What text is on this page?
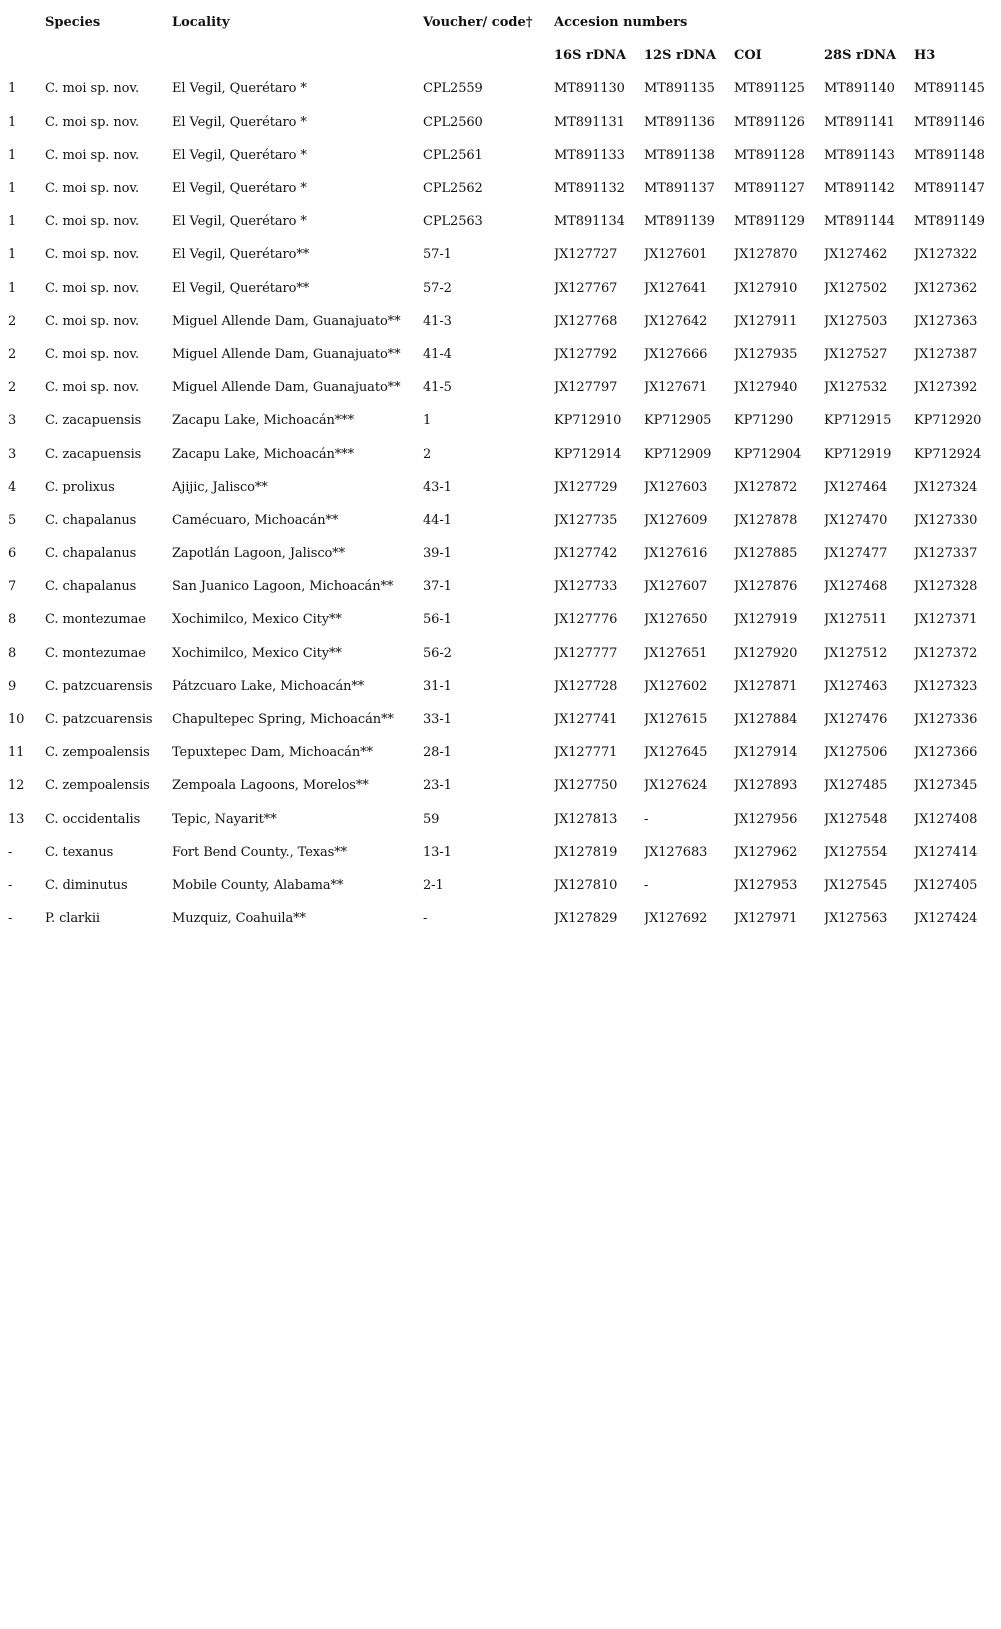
	Species	Locality	Voucher/ code†	Accesion numbers				
				16S rDNA	12S rDNA	COI	28S rDNA	H3
1	C. moi sp. nov.	El Vegil, Querétaro *	CPL2559	MT891130	MT891135	MT891125	MT891140	MT891145
1	C. moi sp. nov.	El Vegil, Querétaro *	CPL2560	MT891131	MT891136	MT891126	MT891141	MT891146
1	C. moi sp. nov.	El Vegil, Querétaro *	CPL2561	MT891133	MT891138	MT891128	MT891143	MT891148
1	C. moi sp. nov.	El Vegil, Querétaro *	CPL2562	MT891132	MT891137	MT891127	MT891142	MT891147
1	C. moi sp. nov.	El Vegil, Querétaro *	CPL2563	MT891134	MT891139	MT891129	MT891144	MT891149
1	C. moi sp. nov.	El Vegil, Querétaro**	57-1	JX127727	JX127601	JX127870	JX127462	JX127322
1	C. moi sp. nov.	El Vegil, Querétaro**	57-2	JX127767	JX127641	JX127910	JX127502	JX127362
2	C. moi sp. nov.	Miguel Allende Dam, Guanajuato**	41-3	JX127768	JX127642	JX127911	JX127503	JX127363
2	C. moi sp. nov.	Miguel Allende Dam, Guanajuato**	41-4	JX127792	JX127666	JX127935	JX127527	JX127387
2	C. moi sp. nov.	Miguel Allende Dam, Guanajuato**	41-5	JX127797	JX127671	JX127940	JX127532	JX127392
3	C. zacapuensis	Zacapu Lake, Michoacán***	1	KP712910	KP712905	KP71290	KP712915	KP712920
3	C. zacapuensis	Zacapu Lake, Michoacán***	2	KP712914	KP712909	KP712904	KP712919	KP712924
4	C. prolixus	Ajijic, Jalisco**	43-1	JX127729	JX127603	JX127872	JX127464	JX127324
5	C. chapalanus	Camécuaro, Michoacán**	44-1	JX127735	JX127609	JX127878	JX127470	JX127330
6	C. chapalanus	Zapotlán Lagoon, Jalisco**	39-1	JX127742	JX127616	JX127885	JX127477	JX127337
7	C. chapalanus	San Juanico Lagoon, Michoacán**	37-1	JX127733	JX127607	JX127876	JX127468	JX127328
8	C. montezumae	Xochimilco, Mexico City**	56-1	JX127776	JX127650	JX127919	JX127511	JX127371
8	C. montezumae	Xochimilco, Mexico City**	56-2	JX127777	JX127651	JX127920	JX127512	JX127372
9	C. patzcuarensis	Pátzcuaro Lake, Michoacán**	31-1	JX127728	JX127602	JX127871	JX127463	JX127323
10	C. patzcuarensis	Chapultepec Spring, Michoacán**	33-1	JX127741	JX127615	JX127884	JX127476	JX127336
11	C. zempoalensis	Tepuxtepec Dam, Michoacán**	28-1	JX127771	JX127645	JX127914	JX127506	JX127366
12	C. zempoalensis	Zempoala Lagoons, Morelos**	23-1	JX127750	JX127624	JX127893	JX127485	JX127345
13	C. occidentalis	Tepic, Nayarit**	59	JX127813	-	JX127956	JX127548	JX127408
-	C. texanus	Fort Bend County., Texas**	13-1	JX127819	JX127683	JX127962	JX127554	JX127414
-	C. diminutus	Mobile County, Alabama**	2-1	JX127810	-	JX127953	JX127545	JX127405
-	P. clarkii	Muzquiz, Coahuila**	-	JX127829	JX127692	JX127971	JX127563	JX127424
